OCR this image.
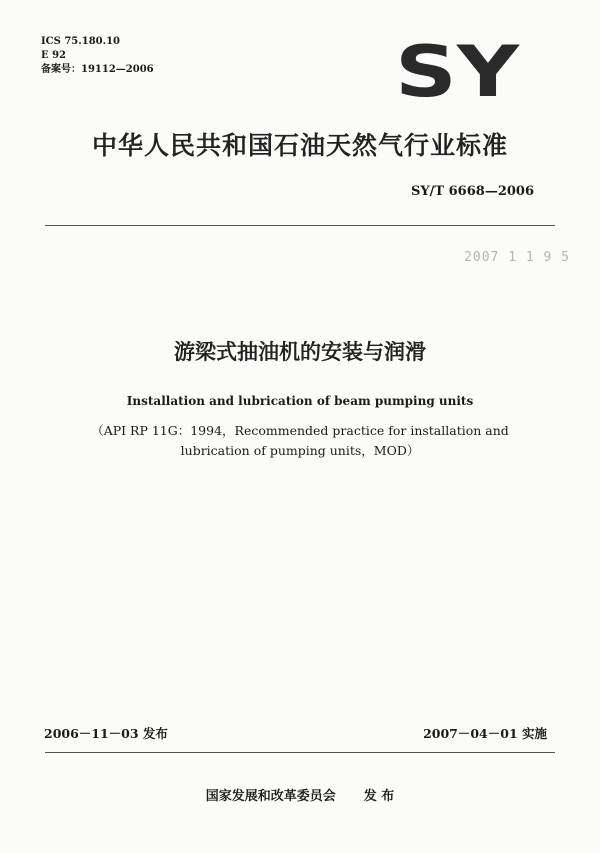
ICS 75.180.10
E 92
备案号：19112—2006	SY
中华人民共和国石油天然气行业标准
SY/T 6668—2006
2007 1 1 9 5
游梁式抽油机的安装与润滑
Installation and lubrication of beam pumping units
（API RP 11G：1994，Recommended practice for installation and
lubrication of pumping units，MOD）
2006－11－03 发布	2007－04－01 实施
国家发展和改革委员会 发 布
